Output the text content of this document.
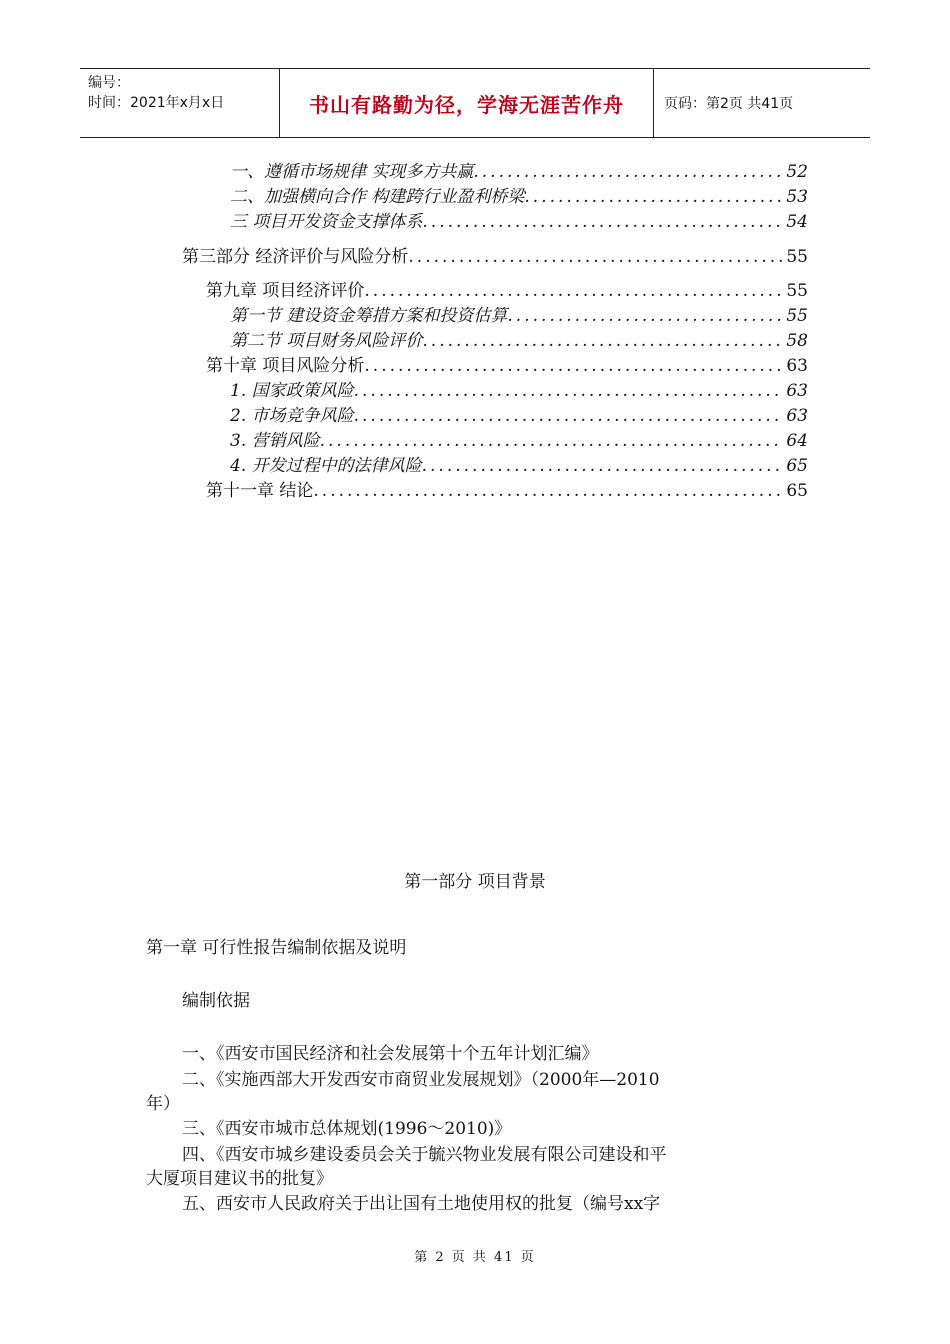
编号：
时间：2021年x月x日	书山有路勤为径，学海无涯苦作舟	页码：第2页 共41页
一、遵循市场规律 实现多方共赢 .....	52
二、加强横向合作 构建跨行业盈利桥梁 .....	53
三 项目开发资金支撑体系 .....	54
第三部分 经济评价与风险分析 .....	55
第九章 项目经济评价 .....	55
第一节 建设资金筹措方案和投资估算 .....	55
第二节 项目财务风险评价 .....	58
第十章 项目风险分析 .....	63
1. 国家政策风险 .....	63
2. 市场竞争风险 .....	63
3. 营销风险 .....	64
4. 开发过程中的法律风险 .....	65
第十一章 结论 .....	65
第一部分 项目背景
第一章 可行性报告编制依据及说明
编制依据
一、《西安市国民经济和社会发展第十个五年计划汇编》
二、《实施西部大开发西安市商贸业发展规划》（2000年—2010
年）
三、《西安市城市总体规划(1996～2010)》
四、《西安市城乡建设委员会关于毓兴物业发展有限公司建设和平
大厦项目建议书的批复》
五、西安市人民政府关于出让国有土地使用权的批复（编号xx字
第 2 页 共 41 页
